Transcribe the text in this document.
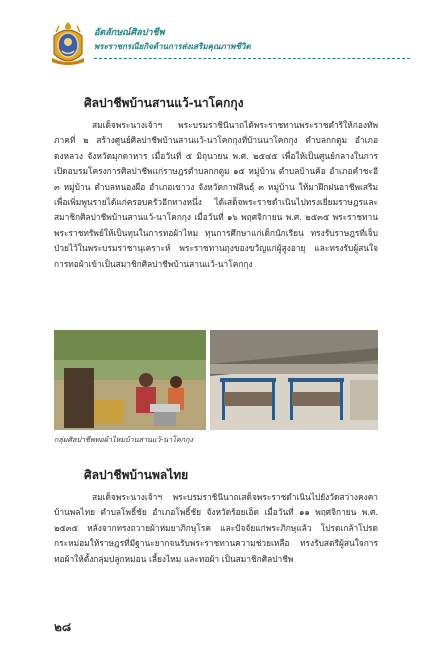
อัตลักษณ์ศิลปาชีพ
พระราชกรณียกิจด้านการส่งเสริมคุณภาพชีวิต
ศิลปาชีพบ้านสานแว้-นาโคกกุง
สมเด็จพระนางเจ้าฯ พระบรมราชินีนาถได้พระราชทานพระราชดำริให้กองทัพภาคที่ ๒ สร้างศูนย์ศิลปาชีพบ้านสานแว้-นาโคกกุงที่บ้านนาโคกกุง ตำบลกกตูม อำเภอดงหลวง จังหวัดมุกดาหาร เมื่อวันที่ ๕ มิถุนายน พ.ศ. ๒๕๔๕ เพื่อให้เป็นศูนย์กลางในการเปิดอบรมโครงการศิลปาชีพแก่ราษฎรตำบลกกตูม ๑๕ หมู่บ้าน ตำบลบ้านค้อ อำเภอคำชะอี ๓ หมู่บ้าน ตำบลหนองผือ อำเภอเขาวง จังหวัดกาฬสินธุ์ ๓ หมู่บ้าน ให้มาฝึกฝนอาชีพเสริมเพื่อเพิ่มพูนรายได้แก่ครอบครัวอีกทางหนึ่ง ได้เสด็จพระราชดำเนินไปทรงเยี่ยมราษฎรและสมาชิกศิลปาชีพบ้านสานแว้-นาโคกกุง เมื่อวันที่ ๑๖ พฤศจิกายน พ.ศ. ๒๕๓๕ พระราชทานพระราชทรัพย์ให้เป็นทุนในการทอผ้าไหม ทุนการศึกษาแก่เด็กนักเรียน ทรงรับราษฎรที่เจ็บป่วยไว้ในพระบรมราชานุเคราะห์ พระราชทานถุงของขวัญแก่ผู้สูงอายุ และทรงรับผู้สนใจการทอผ้าเข้าเป็นสมาชิกศิลปาชีพบ้านสานแว้-นาโคกกุง
กลุ่มศิลปาชีพทอผ้าไหมบ้านสานแว้-นาโคกกุง
ศิลปาชีพบ้านพลไทย
สมเด็จพระนางเจ้าฯ พระบรมราชินีนาถเสด็จพระราชดำเนินไปยังวัดสว่างคงคา บ้านพลไทย ตำบลโพธิ์ชัย อำเภอโพธิ์ชัย จังหวัดร้อยเอ็ด เมื่อวันที่ ๑๑ พฤศจิกายน พ.ศ. ๒๕๓๕ หลังจากทรงถวายผ้าห่มยาภิกษุโรค และปัจจัยแก่พระภิกษุแล้ว โปรดเกล้าโปรดกระหม่อมให้ราษฎรที่มีฐานะยากจนรับพระราชทานความช่วยเหลือ ทรงรับสตรีผู้สนใจการทอผ้าให้ตั้งกลุ่มปลูกหม่อน เลี้ยงไหม และทอผ้า เป็นสมาชิกศิลปาชีพ
๒๘
